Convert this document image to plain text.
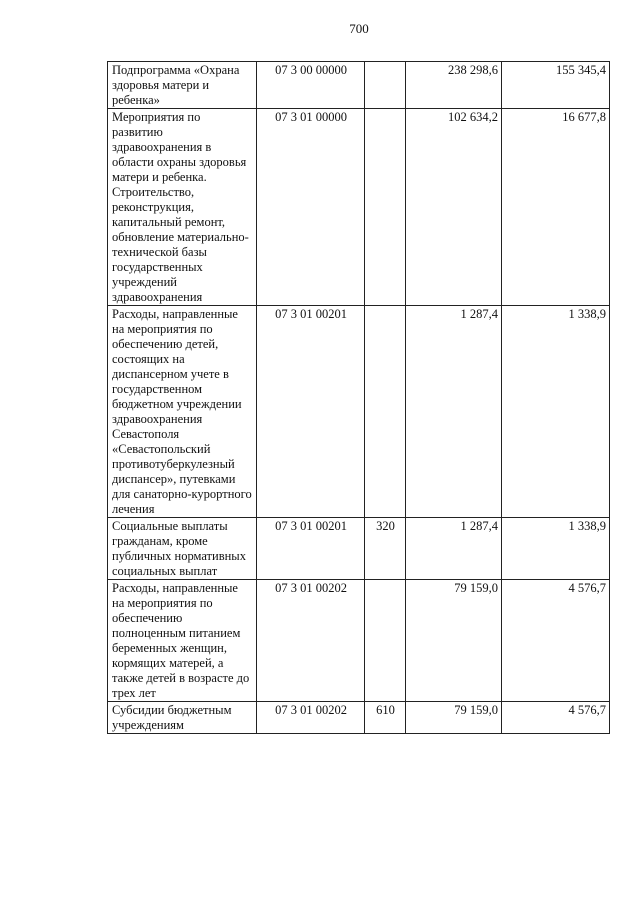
700
Подпрограмма «Охрана здоровья матери и ребенка»	07 3 00 00000		238 298,6	155 345,4
Мероприятия по развитию здравоохранения в области охраны здоровья матери и ребенка. Строительство, реконструкция, капитальный ремонт, обновление материально-технической базы государственных учреждений здравоохранения	07 3 01 00000		102 634,2	16 677,8
Расходы, направленные на мероприятия по обеспечению детей, состоящих на диспансерном учете в государственном бюджетном учреждении здравоохранения Севастополя «Севастопольский противотуберкулезный диспансер», путевками для санаторно-курортного лечения	07 3 01 00201		1 287,4	1 338,9
Социальные выплаты гражданам, кроме публичных нормативных социальных выплат	07 3 01 00201	320	1 287,4	1 338,9
Расходы, направленные на мероприятия по обеспечению полноценным питанием беременных женщин, кормящих матерей, а также детей в возрасте до трех лет	07 3 01 00202		79 159,0	4 576,7
Субсидии бюджетным учреждениям	07 3 01 00202	610	79 159,0	4 576,7
